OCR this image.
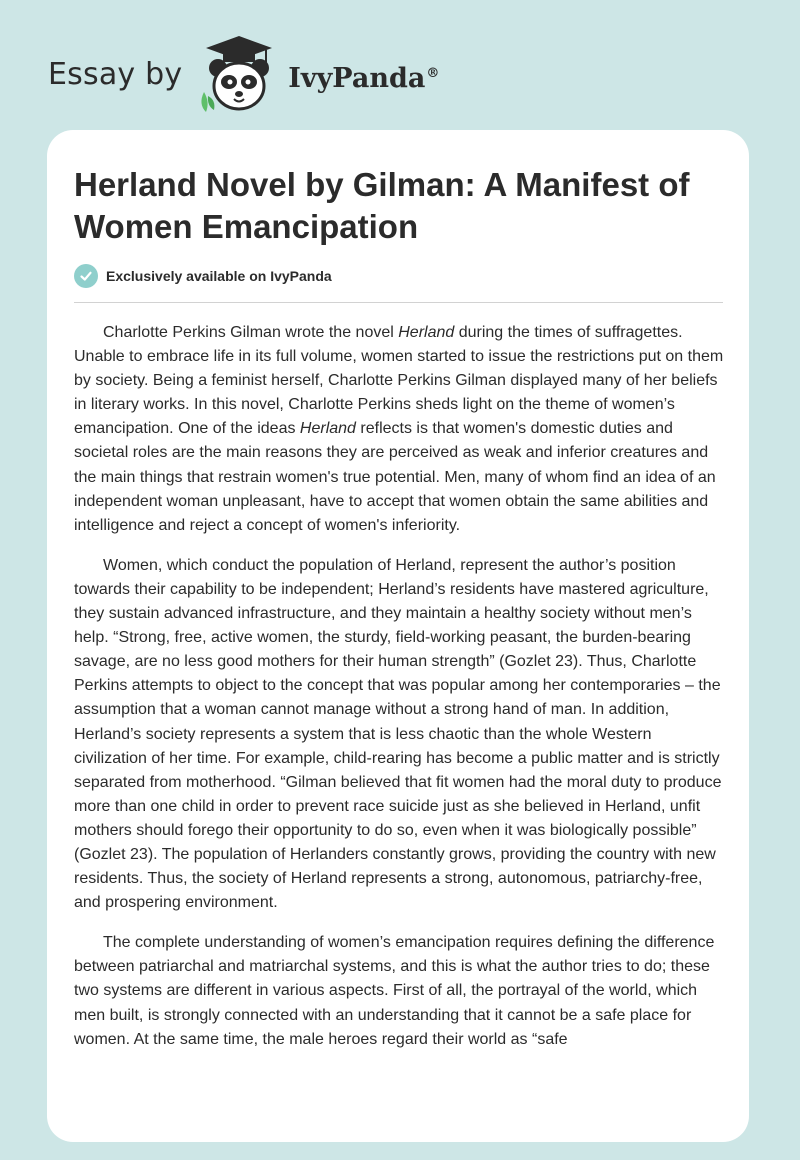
Essay by	IvyPanda®
Herland Novel by Gilman: A Manifest of Women Emancipation
Exclusively available on IvyPanda

Charlotte Perkins Gilman wrote the novel Herland during the times of suffragettes. Unable to embrace life in its full volume, women started to issue the restrictions put on them by society. Being a feminist herself, Charlotte Perkins Gilman displayed many of her beliefs in literary works. In this novel, Charlotte Perkins sheds light on the theme of women’s emancipation. One of the ideas Herland reflects is that women's domestic duties and societal roles are the main reasons they are perceived as weak and inferior creatures and the main things that restrain women's true potential. Men, many of whom find an idea of an independent woman unpleasant, have to accept that women obtain the same abilities and intelligence and reject a concept of women's inferiority.

Women, which conduct the population of Herland, represent the author’s position towards their capability to be independent; Herland’s residents have mastered agriculture, they sustain advanced infrastructure, and they maintain a healthy society without men’s help. “Strong, free, active women, the sturdy, field-working peasant, the burden-bearing savage, are no less good mothers for their human strength” (Gozlet 23). Thus, Charlotte Perkins attempts to object to the concept that was popular among her contemporaries – the assumption that a woman cannot manage without a strong hand of man. In addition, Herland’s society represents a system that is less chaotic than the whole Western civilization of her time. For example, child-rearing has become a public matter and is strictly separated from motherhood. “Gilman believed that fit women had the moral duty to produce more than one child in order to prevent race suicide just as she believed in Herland, unfit mothers should forego their opportunity to do so, even when it was biologically possible” (Gozlet 23). The population of Herlanders constantly grows, providing the country with new residents. Thus, the society of Herland represents a strong, autonomous, patriarchy-free, and prospering environment.

The complete understanding of women’s emancipation requires defining the difference between patriarchal and matriarchal systems, and this is what the author tries to do; these two systems are different in various aspects. First of all, the portrayal of the world, which men built, is strongly connected with an understanding that it cannot be a safe place for women. At the same time, the male heroes regard their world as “safe
